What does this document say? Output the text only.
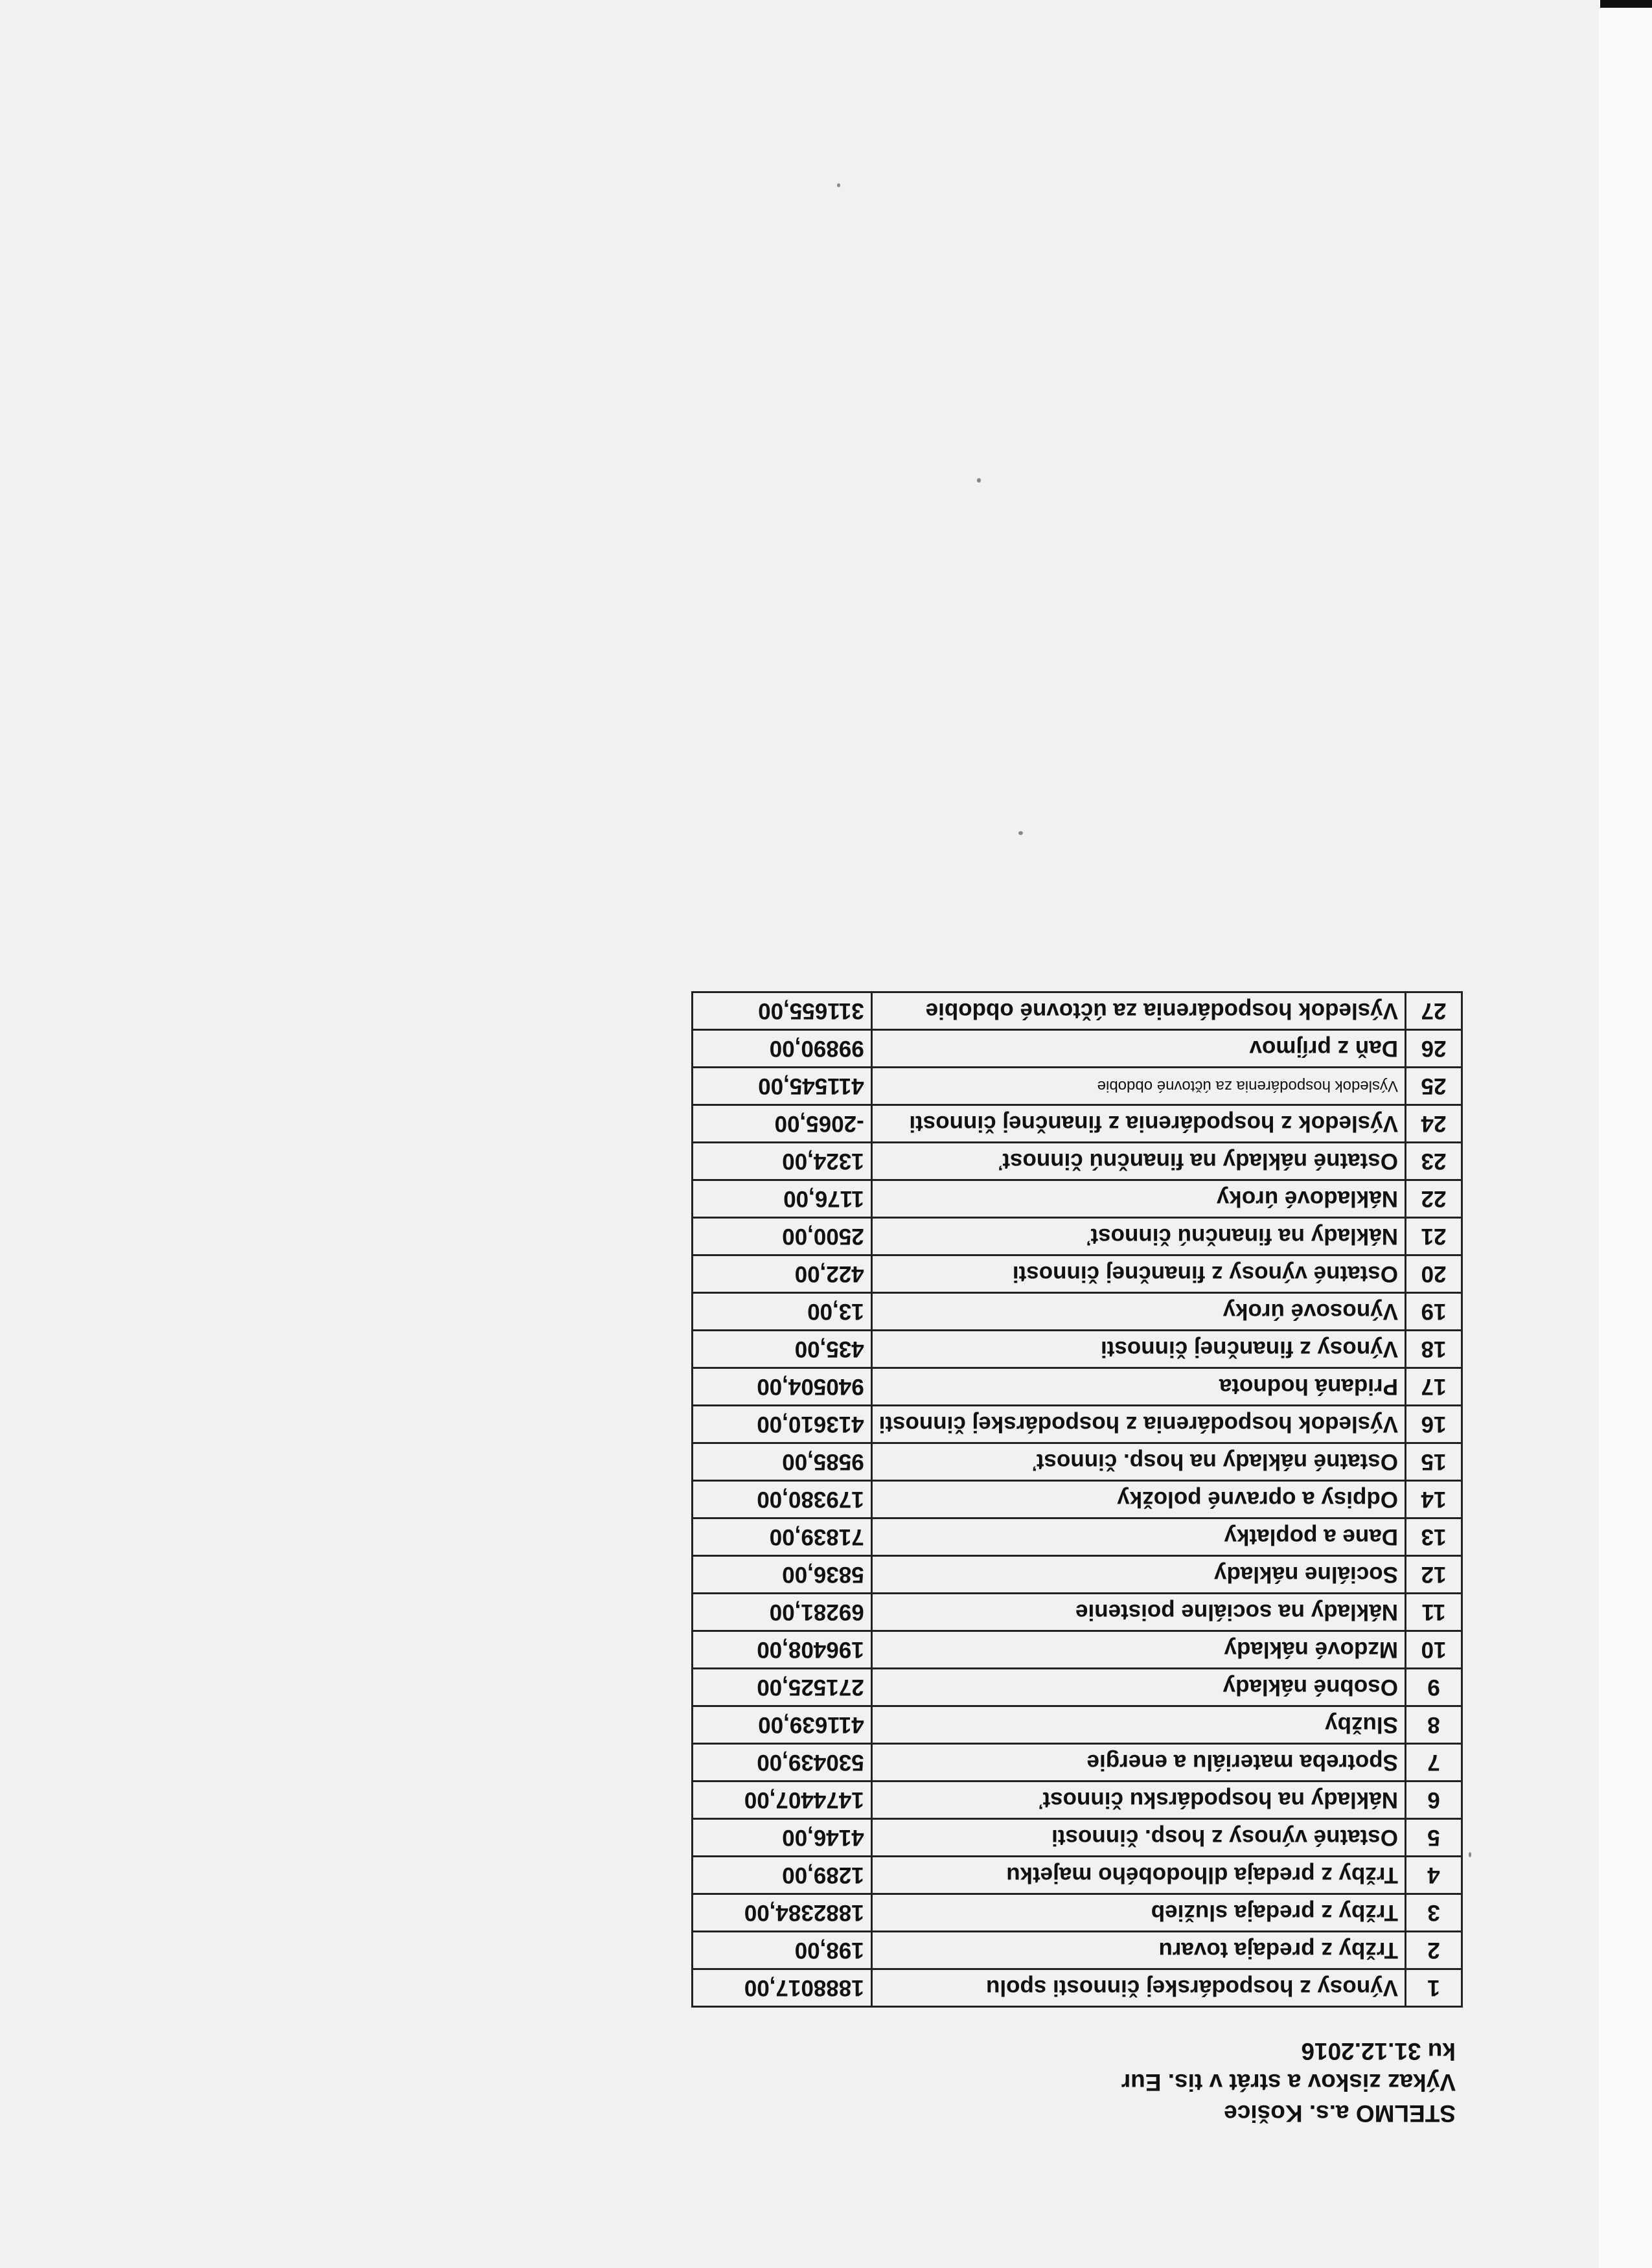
STELMO a.s. Košice
Výkaz ziskov a strát v tis. Eur
ku 31.12.2016
1	Výnosy z hospodárskej činnosti spolu	1888017,00
2	Tržby z predaja tovaru	198,00
3	Tržby z predaja služieb	1882384,00
4	Tržby z predaja dlhodobého majetku	1289,00
5	Ostatné výnosy z hosp. činnosti	4146,00
6	Náklady na hospodársku činnosť	1474407,00
7	Spotreba materiálu a energie	530439,00
8	Služby	411639,00
9	Osobné náklady	271525,00
10	Mzdové náklady	196408,00
11	Náklady na sociálne poistenie	69281,00
12	Sociálne náklady	5836,00
13	Dane a poplatky	71839,00
14	Odpisy a opravné položky	179380,00
15	Ostatné náklady na hosp. činnosť	9585,00
16	Výsledok hospodárenia z hospodárskej činnosti	413610,00
17	Pridaná hodnota	940504,00
18	Výnosy z finančnej činnosti	435,00
19	Výnosové úroky	13,00
20	Ostatné výnosy z finančnej činnosti	422,00
21	Náklady na finančnú činnosť	2500,00
22	Nákladové úroky	1176,00
23	Ostatné náklady na finančnú činnosť	1324,00
24	Výsledok z hospodárenia z finančnej činnosti	-2065,00
25	Výsledok hospodárenia za účtovné obdobie	411545,00
26	Daň z príjmov	99890,00
27	Výsledok hospodárenia za účtovné obdobie	311655,00
